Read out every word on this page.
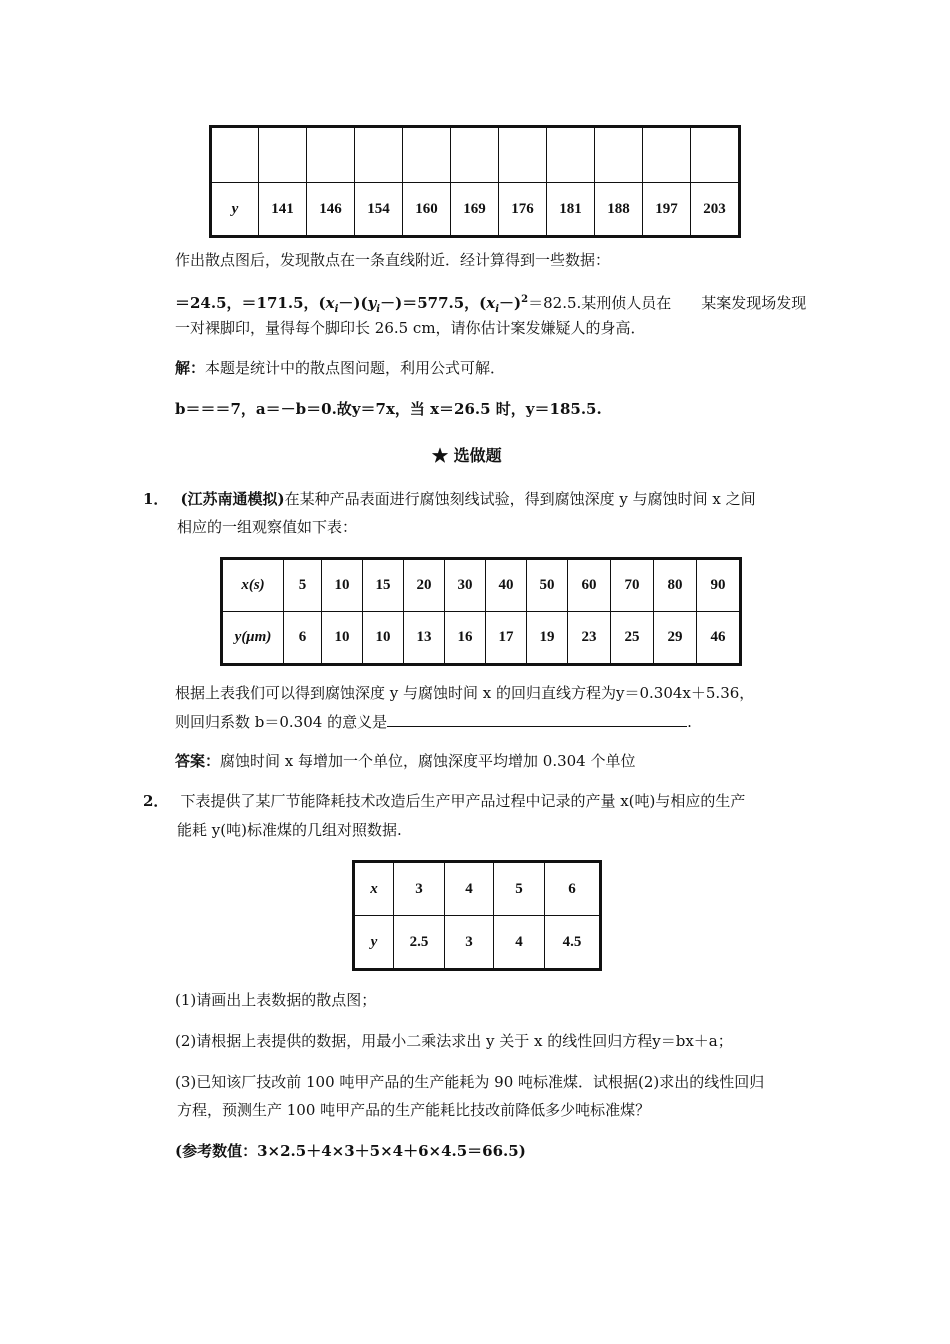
y	141	146	154	160	169	176	181	188	197	203
作出散点图后，发现散点在一条直线附近．经计算得到一些数据：
＝24.5，＝171.5，$(x_i-)(y_i-)=577.5$，$(x_i-)^2=82.5$.某刑侦人员在　　某案发现场发现
一对裸脚印，量得每个脚印长 26.5 cm，请你估计案发嫌疑人的身高．
解：本题是统计中的散点图问题，利用公式可解．
b＝＝＝7，a＝－b＝0.故y＝7x，当 x＝26.5 时，y＝185.5.
★ 选做题
1． (江苏南通模拟)在某种产品表面进行腐蚀刻线试验，得到腐蚀深度 y 与腐蚀时间 x 之间
相应的一组观察值如下表：
x(s)	5	10	15	20	30	40	50	60	70	80	90
y(μm)	6	10	10	13	16	17	19	23	25	29	46
根据上表我们可以得到腐蚀深度 y 与腐蚀时间 x 的回归直线方程为y＝0.304x＋5.36，
则回归系数 b＝0.304 的意义是	.
答案：腐蚀时间 x 每增加一个单位，腐蚀深度平均增加 0.304 个单位
2． 下表提供了某厂节能降耗技术改造后生产甲产品过程中记录的产量 x(吨)与相应的生产
能耗 y(吨)标准煤的几组对照数据.
x	3	4	5	6
y	2.5	3	4	4.5
(1)请画出上表数据的散点图；
(2)请根据上表提供的数据，用最小二乘法求出 y 关于 x 的线性回归方程y＝bx＋a；
(3)已知该厂技改前 100 吨甲产品的生产能耗为 90 吨标准煤．试根据(2)求出的线性回归
方程，预测生产 100 吨甲产品的生产能耗比技改前降低多少吨标准煤？
(参考数值：3×2.5＋4×3＋5×4＋6×4.5＝66.5)
